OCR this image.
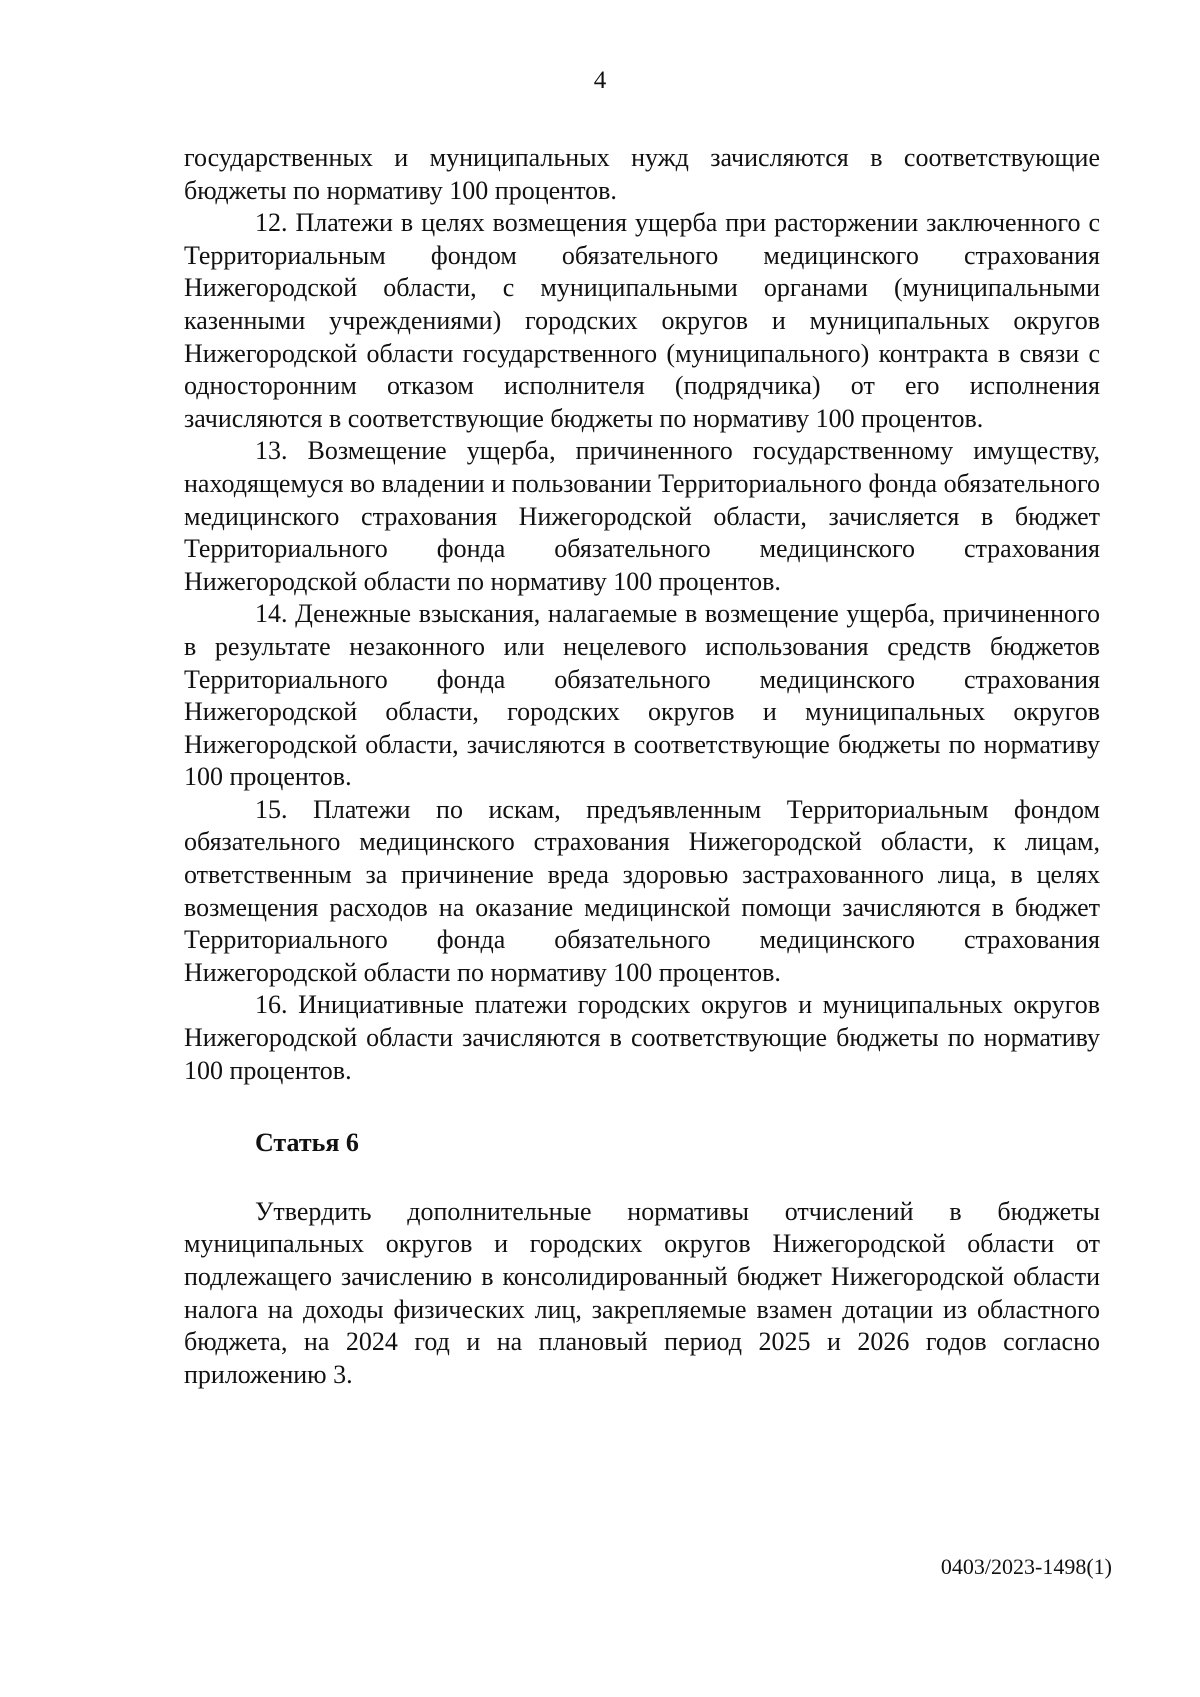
4

государственных и муниципальных нужд зачисляются в соответствующие бюджеты по нормативу 100 процентов.

12. Платежи в целях возмещения ущерба при расторжении заключенного с Территориальным фондом обязательного медицинского страхования Нижегородской области, с муниципальными органами (муниципальными казенными учреждениями) городских округов и муниципальных округов Нижегородской области государственного (муниципального) контракта в связи с односторонним отказом исполнителя (подрядчика) от его исполнения зачисляются в соответствующие бюджеты по нормативу 100 процентов.

13. Возмещение ущерба, причиненного государственному имуществу, находящемуся во владении и пользовании Территориального фонда обязательного медицинского страхования Нижегородской области, зачисляется в бюджет Территориального фонда обязательного медицинского страхования Нижегородской области по нормативу 100 процентов.

14. Денежные взыскания, налагаемые в возмещение ущерба, причиненного в результате незаконного или нецелевого использования средств бюджетов Территориального фонда обязательного медицинского страхования Нижегородской области, городских округов и муниципальных округов Нижегородской области, зачисляются в соответствующие бюджеты по нормативу 100 процентов.

15. Платежи по искам, предъявленным Территориальным фондом обязательного медицинского страхования Нижегородской области, к лицам, ответственным за причинение вреда здоровью застрахованного лица, в целях возмещения расходов на оказание медицинской помощи зачисляются в бюджет Территориального фонда обязательного медицинского страхования Нижегородской области по нормативу 100 процентов.

16. Инициативные платежи городских округов и муниципальных округов Нижегородской области зачисляются в соответствующие бюджеты по нормативу 100 процентов.

Статья 6

Утвердить дополнительные нормативы отчислений в бюджеты муниципальных округов и городских округов Нижегородской области от подлежащего зачислению в консолидированный бюджет Нижегородской области налога на доходы физических лиц, закрепляемые взамен дотации из областного бюджета, на 2024 год и на плановый период 2025 и 2026 годов согласно приложению 3.

0403/2023-1498(1)
